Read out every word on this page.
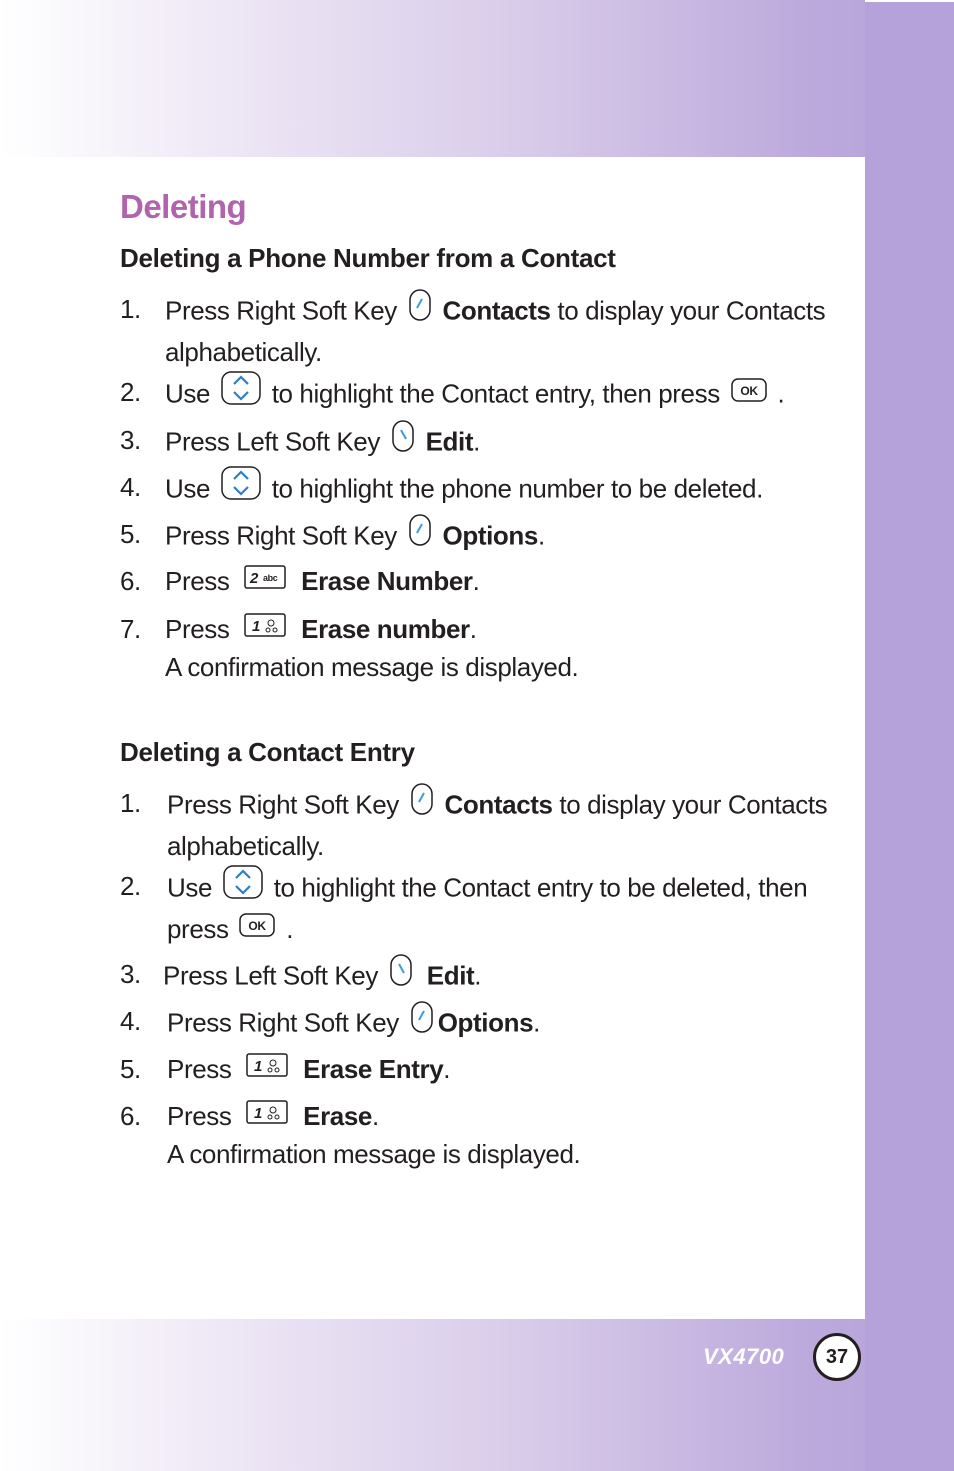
Deleting
Deleting a Phone Number from a Contact
1. Press Right Soft Key Contacts to display your Contacts
alphabetically.
2. Use  to highlight the Contact entry, then press OK .
3. Press Left Soft Key Edit.
4. Use  to highlight the phone number to be deleted.
5. Press Right Soft Key Options.
6. Press 2 abc Erase Number.
7. Press 1 Erase number.
A confirmation message is displayed.
Deleting a Contact Entry
1. Press Right Soft Key Contacts to display your Contacts
alphabetically.
2. Use  to highlight the Contact entry to be deleted, then
press OK .
3. Press Left Soft Key Edit.
4. Press Right Soft Key Options.
5. Press 1 Erase Entry.
6. Press 1 Erase.
A confirmation message is displayed.
VX4700 37
